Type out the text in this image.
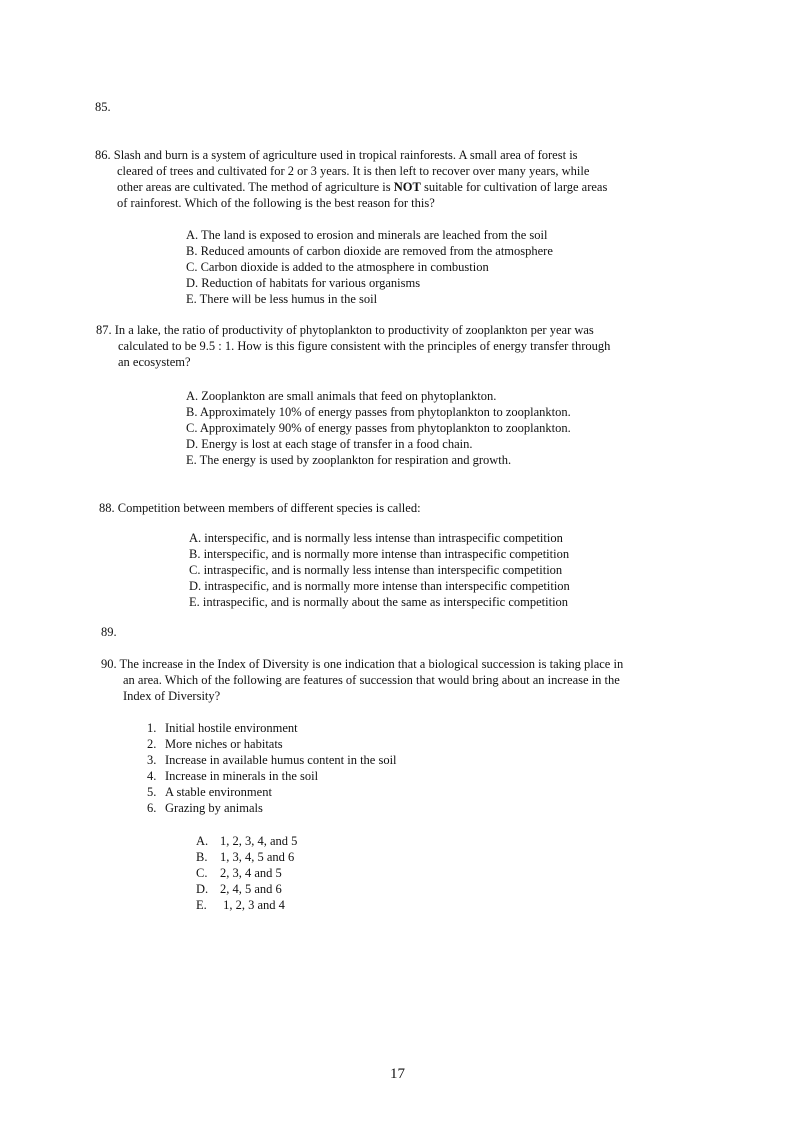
85.
86. Slash and burn is a system of agriculture used in tropical rainforests. A small area of forest is cleared of trees and cultivated for 2 or 3 years. It is then left to recover over many years, while other areas are cultivated. The method of agriculture is NOT suitable for cultivation of large areas of rainforest. Which of the following is the best reason for this?
A. The land is exposed to erosion and minerals are leached from the soil
B. Reduced amounts of carbon dioxide are removed from the atmosphere
C. Carbon dioxide is added to the atmosphere in combustion
D. Reduction of habitats for various organisms
E. There will be less humus in the soil
87. In a lake, the ratio of productivity of phytoplankton to productivity of zooplankton per year was calculated to be 9.5 : 1. How is this figure consistent with the principles of energy transfer through an ecosystem?
A. Zooplankton are small animals that feed on phytoplankton.
B. Approximately 10% of energy passes from phytoplankton to zooplankton.
C. Approximately 90% of energy passes from phytoplankton to zooplankton.
D. Energy is lost at each stage of transfer in a food chain.
E. The energy is used by zooplankton for respiration and growth.
88. Competition between members of different species is called:
A. interspecific, and is normally less intense than intraspecific competition
B. interspecific, and is normally more intense than intraspecific competition
C. intraspecific, and is normally less intense than interspecific competition
D. intraspecific, and is normally more intense than interspecific competition
E. intraspecific, and is normally about the same as interspecific competition
89.
90. The increase in the Index of Diversity is one indication that a biological succession is taking place in an area. Which of the following are features of succession that would bring about an increase in the Index of Diversity?
1. Initial hostile environment
2. More niches or habitats
3. Increase in available humus content in the soil
4. Increase in minerals in the soil
5. A stable environment
6. Grazing by animals
A. 1, 2, 3, 4, and 5
B. 1, 3, 4, 5 and 6
C. 2, 3, 4 and 5
D. 2, 4, 5 and 6
E. 1, 2, 3 and 4
17
